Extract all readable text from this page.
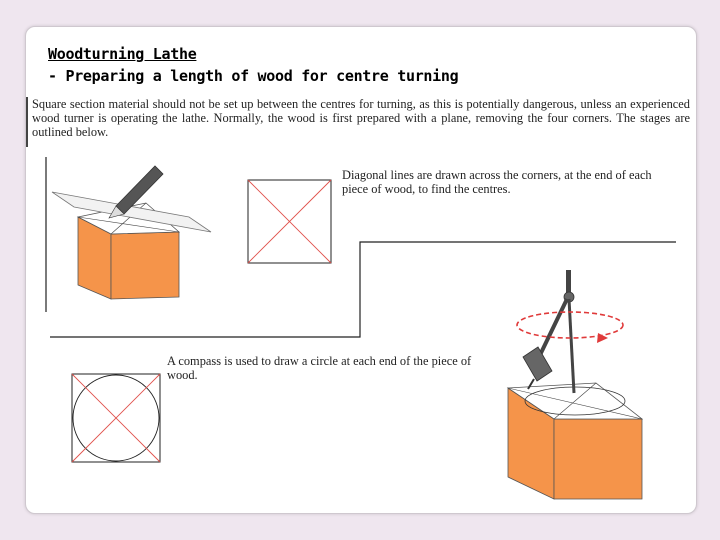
Woodturning Lathe
- Preparing a length of wood for centre turning
Square section material should not be set up between the centres for turning, as this is potentially dangerous, unless an experienced wood turner is operating the lathe. Normally, the wood is first prepared with a plane, removing the four corners. The stages are outlined below.
Diagonal lines are drawn across the corners, at the end of each piece of wood, to find the centres.
A compass is used to draw a circle at each end of the piece of wood.
